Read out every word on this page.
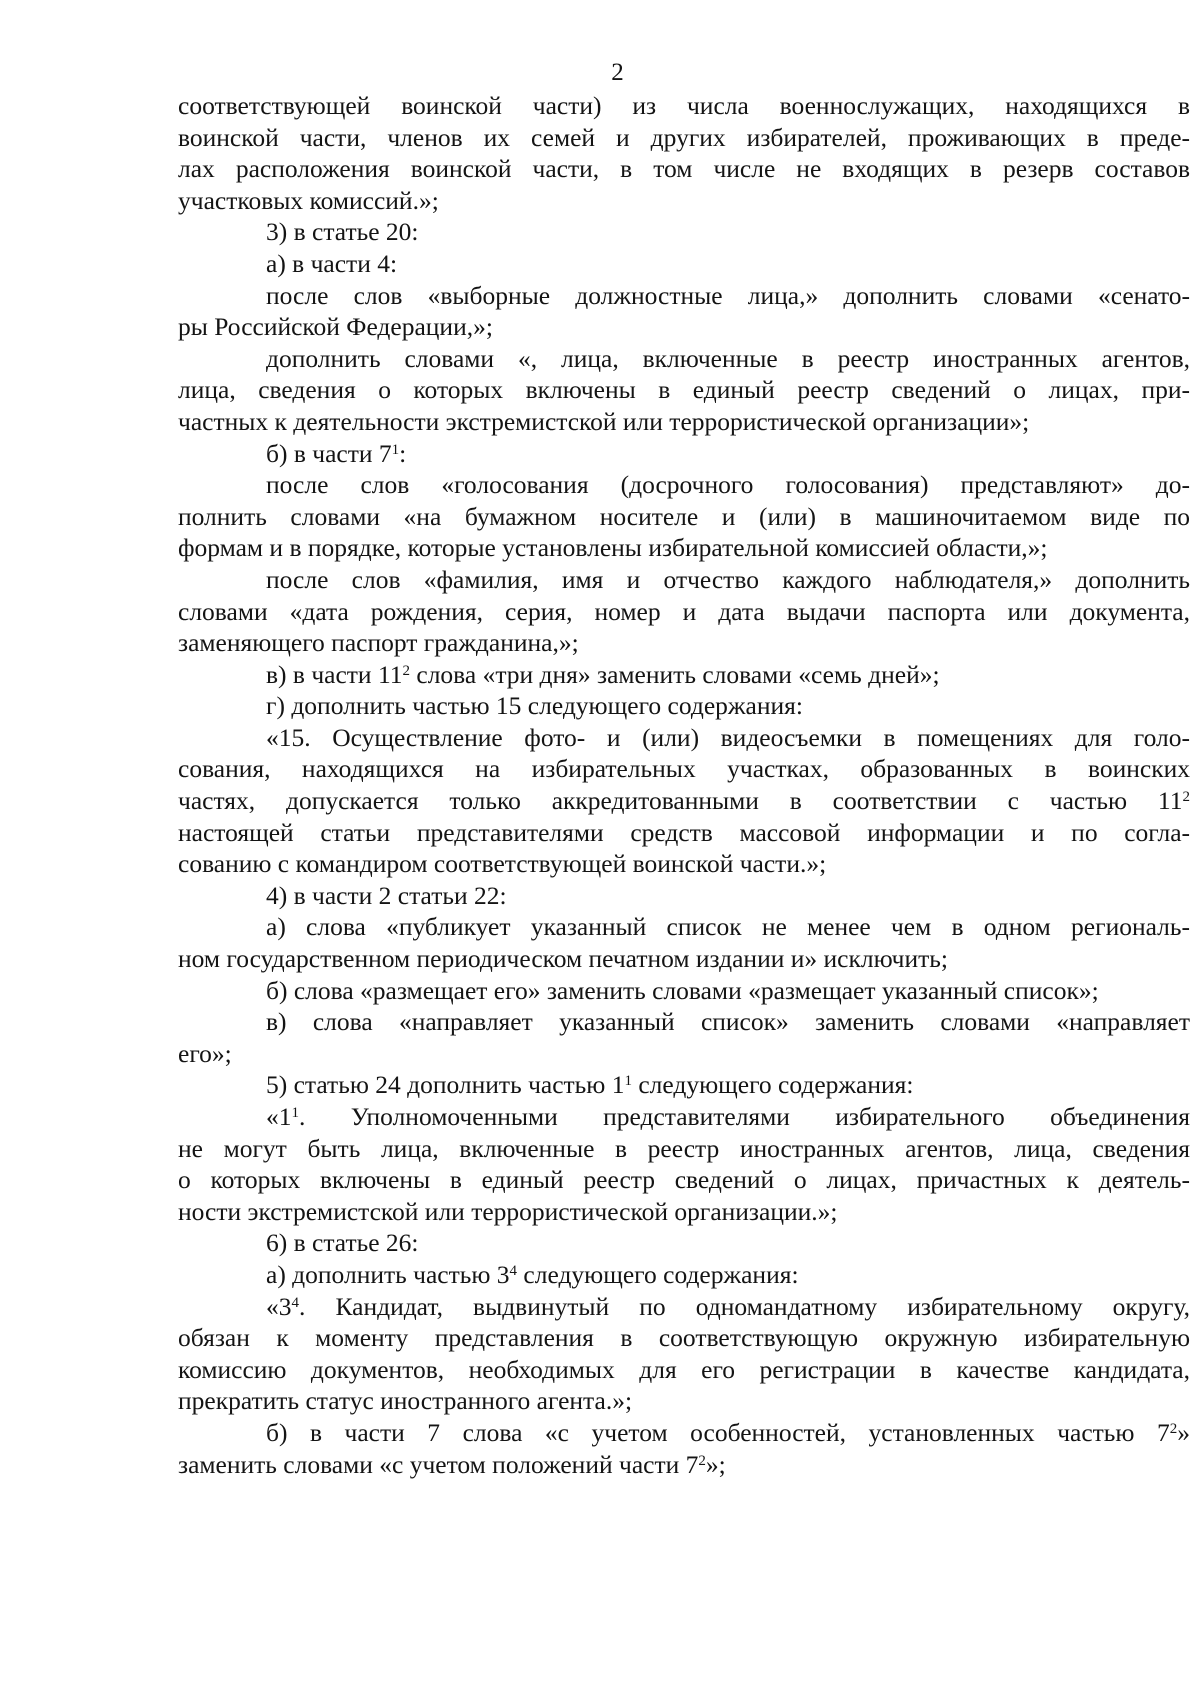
2
соответствующей воинской части) из числа военнослужащих, находящихся в
воинской части, членов их семей и других избирателей, проживающих в преде-
лах расположения воинской части, в том числе не входящих в резерв составов
участковых комиссий.»;
3) в статье 20:
а) в части 4:
после слов «выборные должностные лица,» дополнить словами «сенато-
ры Российской Федерации,»;
дополнить словами «, лица, включенные в реестр иностранных агентов,
лица, сведения о которых включены в единый реестр сведений о лицах, при-
частных к деятельности экстремистской или террористической организации»;
б) в части $7^1$:
после слов «голосования (досрочного голосования) представляют» до-
полнить словами «на бумажном носителе и (или) в машиночитаемом виде по
формам и в порядке, которые установлены избирательной комиссией области,»;
после слов «фамилия, имя и отчество каждого наблюдателя,» дополнить
словами «дата рождения, серия, номер и дата выдачи паспорта или документа,
заменяющего паспорт гражданина,»;
в) в части $11^2$ слова «три дня» заменить словами «семь дней»;
г) дополнить частью 15 следующего содержания:
«15. Осуществление фото- и (или) видеосъемки в помещениях для голо-
сования, находящихся на избирательных участках, образованных в воинских
частях, допускается только аккредитованными в соответствии с частью $11^2$
настоящей статьи представителями средств массовой информации и по согла-
сованию с командиром соответствующей воинской части.»;
4) в части 2 статьи 22:
а) слова «публикует указанный список не менее чем в одном региональ-
ном государственном периодическом печатном издании и» исключить;
б) слова «размещает его» заменить словами «размещает указанный список»;
в) слова «направляет указанный список» заменить словами «направляет
его»;
5) статью 24 дополнить частью $1^1$ следующего содержания:
«$1^1$. Уполномоченными представителями избирательного объединения
не могут быть лица, включенные в реестр иностранных агентов, лица, сведения
о которых включены в единый реестр сведений о лицах, причастных к деятель-
ности экстремистской или террористической организации.»;
6) в статье 26:
а) дополнить частью $3^4$ следующего содержания:
«$3^4$. Кандидат, выдвинутый по одномандатному избирательному округу,
обязан к моменту представления в соответствующую окружную избирательную
комиссию документов, необходимых для его регистрации в качестве кандидата,
прекратить статус иностранного агента.»;
б) в части 7 слова «с учетом особенностей, установленных частью $7^2$»
заменить словами «с учетом положений части $7^2$»;
